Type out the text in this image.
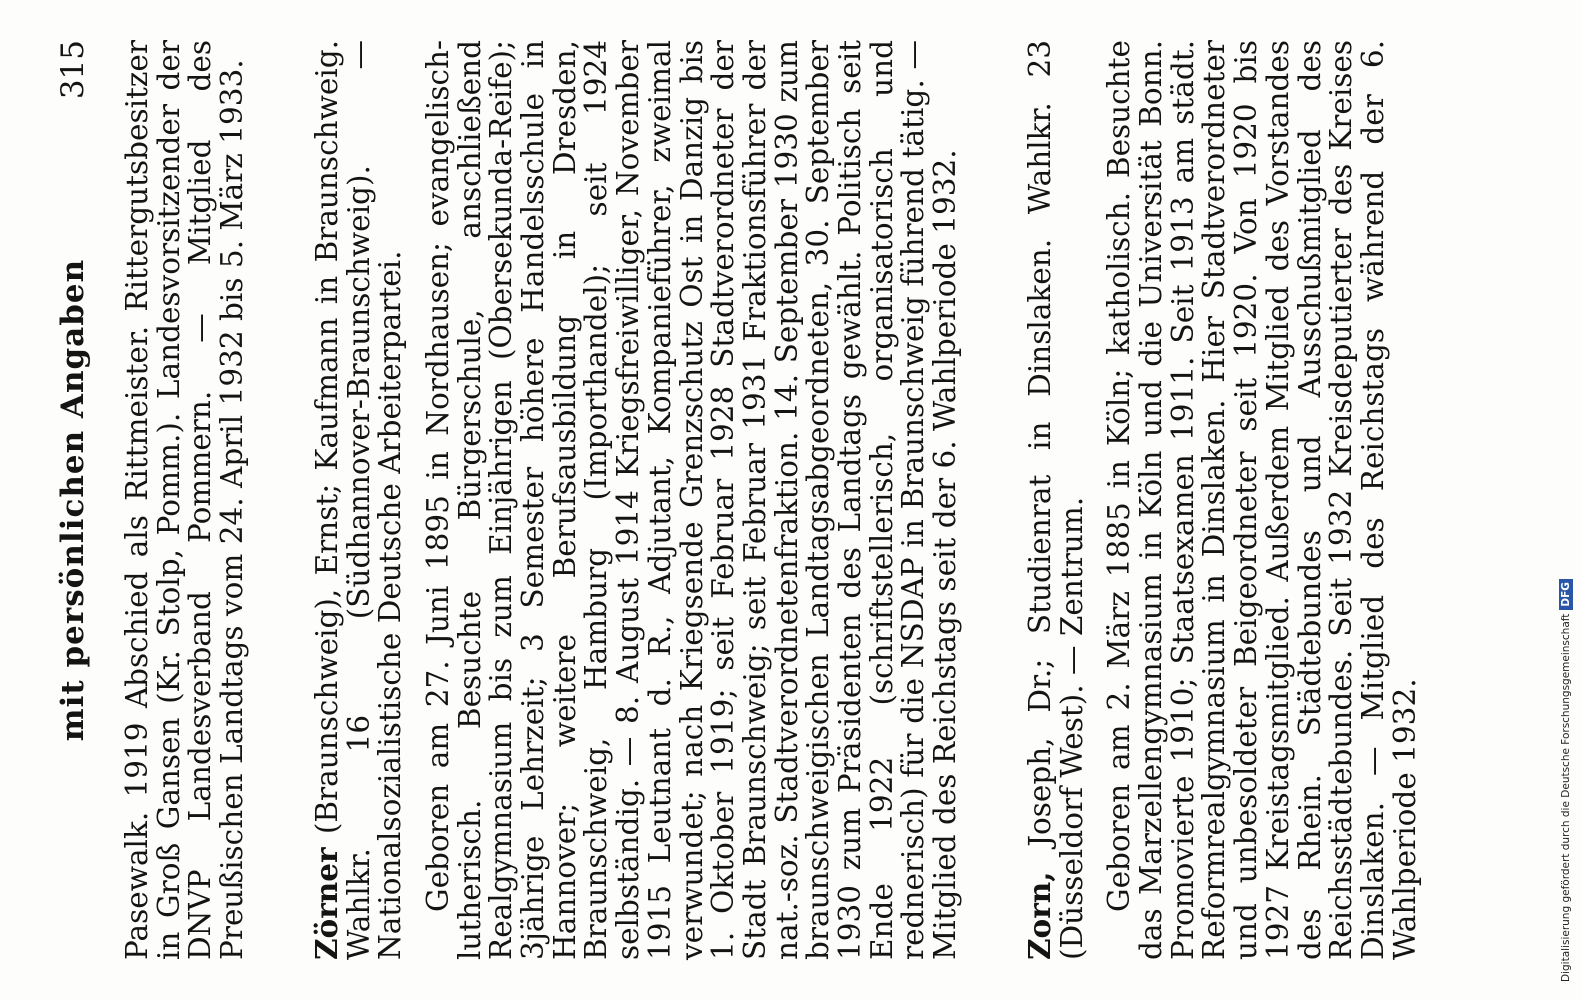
mit persönlichen Angaben
315 Pasewalk. 1919 Abschied als Rittmeister. Rittergutsbesitzer in Groß Gansen (Kr. Stolp, Pomm.). Landesvorsitzender der DNVP Landesverband Pommern. — Mitglied des Preußischen Landtags vom 24. April 1932 bis 5. März 1933. Zörner (Braunschweig), Ernst; Kaufmann in Braunschweig. Wahlkr. 16 (Südhannover-Braunschweig). — Nationalsozialistische Deutsche Arbeiterpartei. Geboren am 27. Juni 1895 in Nordhausen; evangelisch-lutherisch. Besuchte Bürgerschule, anschließend Realgymnasium bis zum Einjährigen (Obersekunda-Reife); 3jährige Lehrzeit; 3 Semester höhere Handelsschule in Hannover; weitere Berufsausbildung in Dresden, Braunschweig, Hamburg (Importhandel); seit 1924 selbständig. — 8. August 1914 Kriegsfreiwilliger, November 1915 Leutnant d. R., Adjutant, Kompanieführer, zweimal verwundet; nach Kriegsende Grenzschutz Ost in Danzig bis 1. Oktober 1919; seit Februar 1928 Stadtverordneter der Stadt Braunschweig; seit Februar 1931 Fraktionsführer der nat.-soz. Stadtverordnetenfraktion. 14. September 1930 zum braunschweigischen Landtagsabgeordneten, 30. September 1930 zum Präsidenten des Landtags gewählt. Politisch seit Ende 1922 (schriftstellerisch, organisatorisch und rednerisch) für die NSDAP in Braunschweig führend tätig. — Mitglied des Reichstags seit der 6. Wahlperiode 1932. Zorn, Joseph, Dr.; Studienrat in Dinslaken. Wahlkr. 23 (Düsseldorf West). — Zentrum. Geboren am 2. März 1885 in Köln; katholisch. Besuchte das Marzellengymnasium in Köln und die Universität Bonn. Promovierte 1910; Staatsexamen 1911. Seit 1913 am städt. Reformrealgymnasium in Dinslaken. Hier Stadtverordneter und unbesoldeter Beigeordneter seit 1920. Von 1920 bis 1927 Kreistagsmitglied. Außerdem Mitglied des Vorstandes des Rhein. Städtebundes und Ausschußmitglied des Reichsstädtebundes. Seit 1932 Kreisdeputierter des Kreises Dinslaken. — Mitglied des Reichstags während der 6. Wahlperiode 1932.	Digitalisierung gefördert durch die Deutsche ForschungsgemeinschaftDFG
